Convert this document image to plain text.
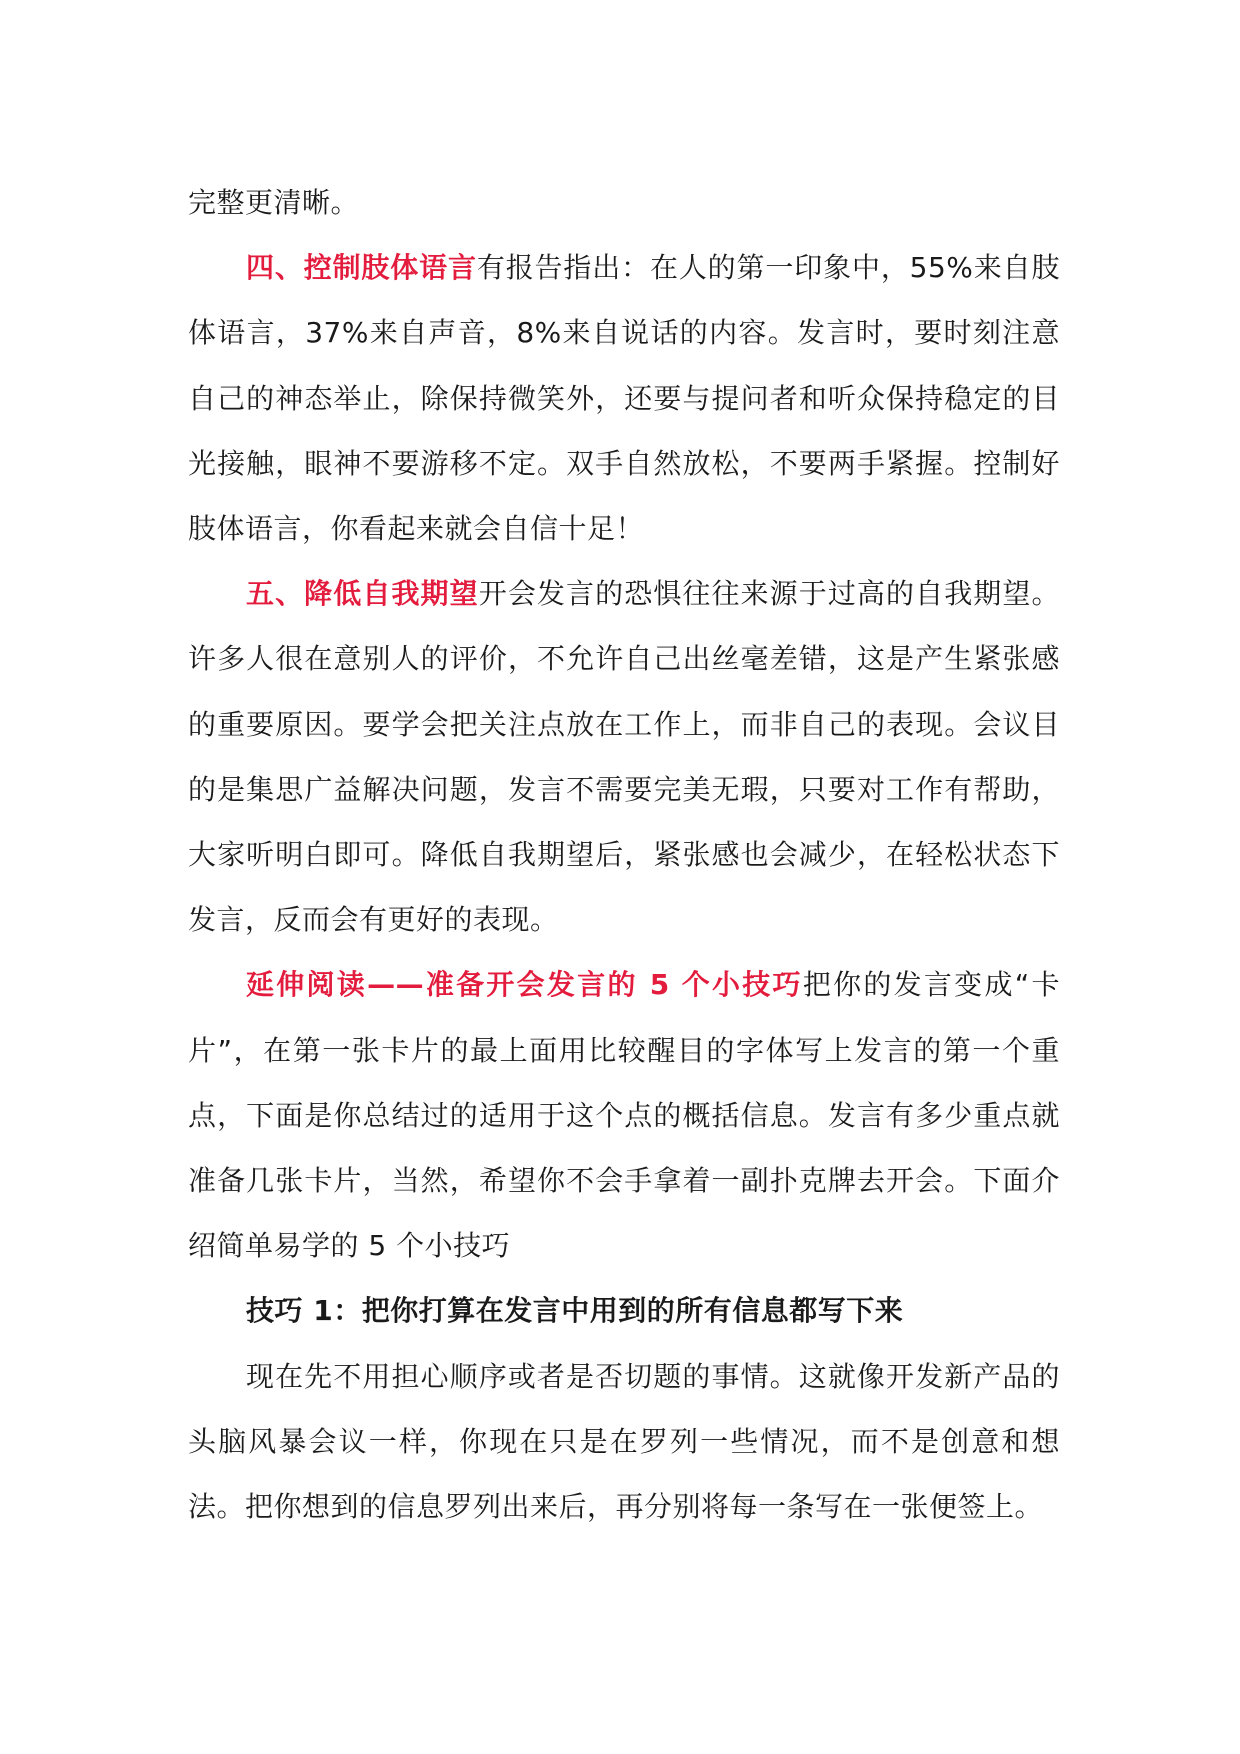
完整更清晰。

四、控制肢体语言有报告指出：在人的第一印象中，55%来自肢体语言，37%来自声音，8%来自说话的内容。发言时，要时刻注意自己的神态举止，除保持微笑外，还要与提问者和听众保持稳定的目光接触，眼神不要游移不定。双手自然放松，不要两手紧握。控制好肢体语言，你看起来就会自信十足！

五、降低自我期望开会发言的恐惧往往来源于过高的自我期望。许多人很在意别人的评价，不允许自己出丝毫差错，这是产生紧张感的重要原因。要学会把关注点放在工作上，而非自己的表现。会议目的是集思广益解决问题，发言不需要完美无瑕，只要对工作有帮助，大家听明白即可。降低自我期望后，紧张感也会减少，在轻松状态下发言，反而会有更好的表现。

延伸阅读——准备开会发言的 5 个小技巧把你的发言变成“卡片”，在第一张卡片的最上面用比较醒目的字体写上发言的第一个重点，下面是你总结过的适用于这个点的概括信息。发言有多少重点就准备几张卡片，当然，希望你不会手拿着一副扑克牌去开会。下面介绍简单易学的 5 个小技巧

技巧 1：把你打算在发言中用到的所有信息都写下来

现在先不用担心顺序或者是否切题的事情。这就像开发新产品的头脑风暴会议一样，你现在只是在罗列一些情况，而不是创意和想法。把你想到的信息罗列出来后，再分别将每一条写在一张便签上。
